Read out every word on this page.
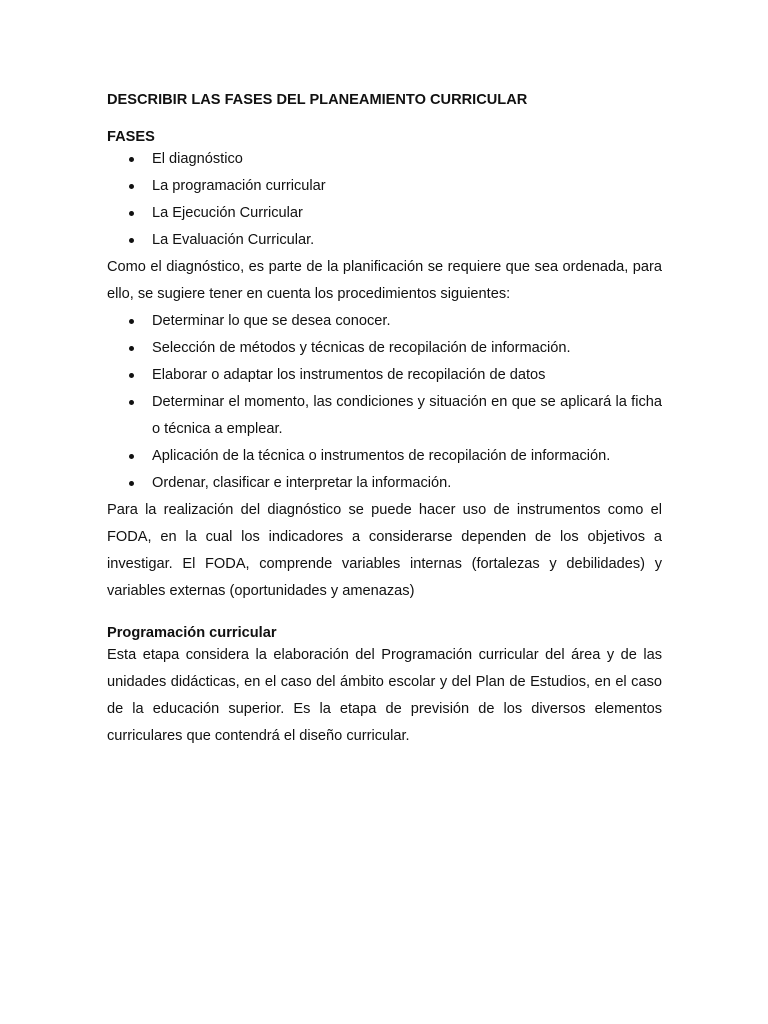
DESCRIBIR LAS FASES DEL PLANEAMIENTO CURRICULAR

FASES

El diagnóstico
La programación curricular
La Ejecución Curricular
La Evaluación Curricular.

Como el diagnóstico, es parte de la planificación se requiere que sea ordenada, para ello, se sugiere tener en cuenta los procedimientos siguientes:

Determinar lo que se desea conocer.
Selección de métodos y técnicas de recopilación de información.
Elaborar o adaptar los instrumentos de recopilación de datos
Determinar el momento, las condiciones y situación en que se aplicará la ficha o técnica a emplear.
Aplicación de la técnica o instrumentos de recopilación de información.
Ordenar, clasificar e interpretar la información.

Para la realización del diagnóstico se puede hacer uso de instrumentos como el FODA, en la cual los indicadores a considerarse dependen de los objetivos a investigar. El FODA, comprende variables internas (fortalezas y debilidades) y variables externas (oportunidades y amenazas)

Programación curricular

Esta etapa considera la elaboración del Programación curricular del área y de las unidades didácticas, en el caso del ámbito escolar y del Plan de Estudios, en el caso de la educación superior. Es la etapa de previsión de los diversos elementos curriculares que contendrá el diseño curricular.
